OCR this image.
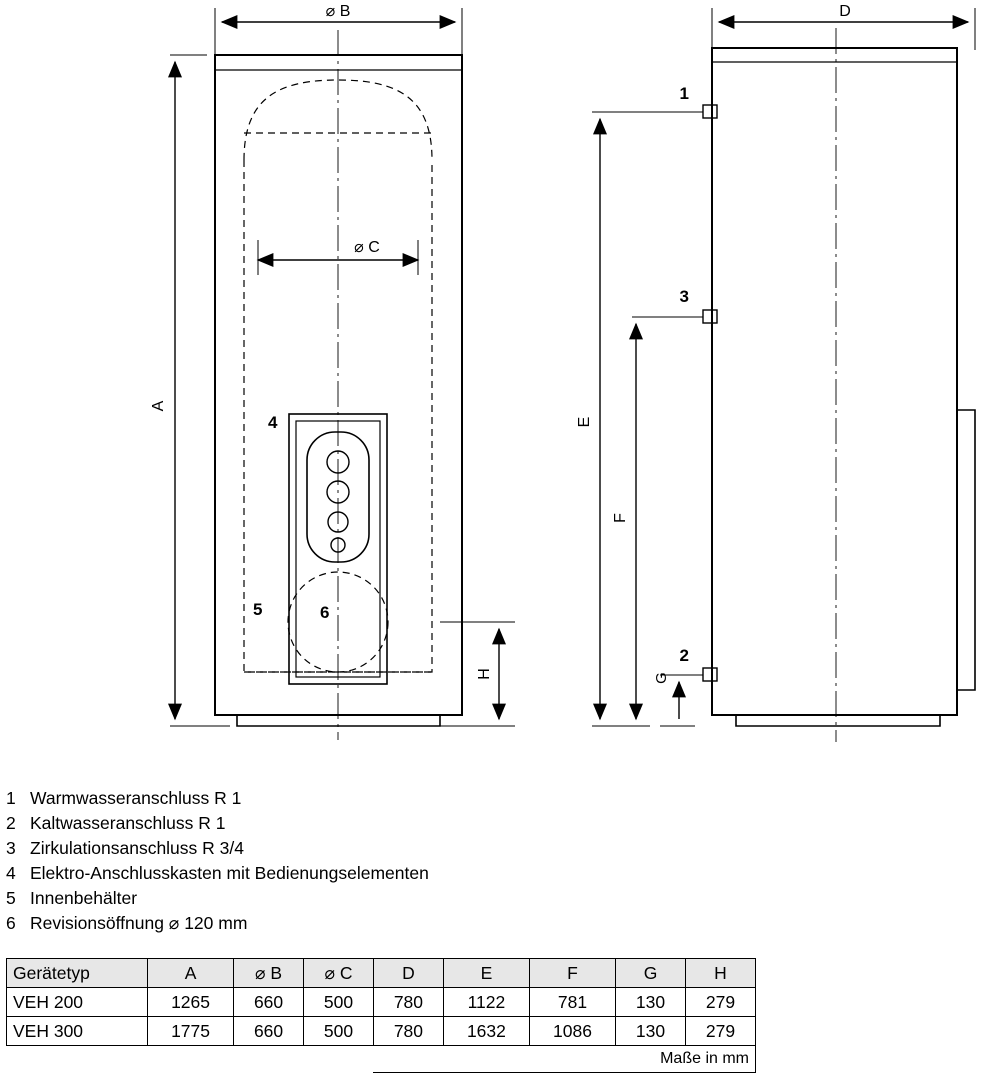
⌀ B
⌀ C
A
4
5	6
H
D
1
3
2
E
F
G
1 Warmwasseranschluss R 1
2 Kaltwasseranschluss R 1
3 Zirkulationsanschluss R 3/4
4 Elektro-Anschlusskasten mit Bedienungselementen
5 Innenbehälter
6 Revisionsöffnung ⌀ 120 mm
Gerätetyp	A	⌀ B	⌀ C	D	E	F	G	H
VEH 200	1265	660	500	780	1122	781	130	279
VEH 300	1775	660	500	780	1632	1086	130	279
				Maße in mm				
